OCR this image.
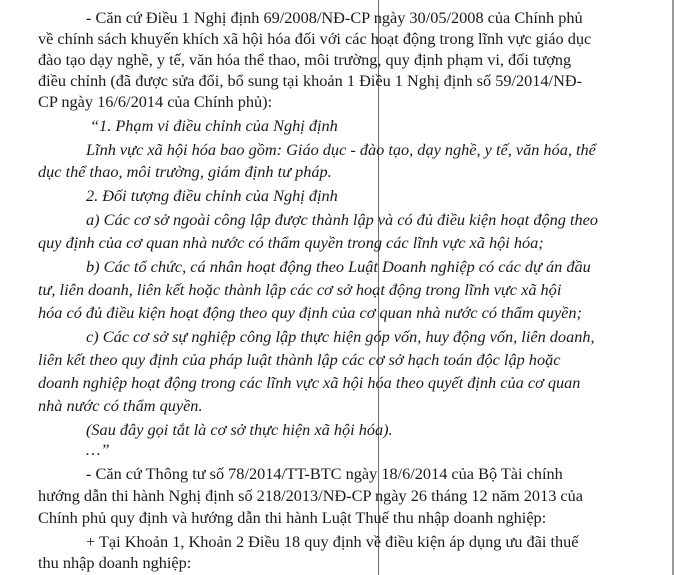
- Căn cứ Điều 1 Nghị định 69/2008/NĐ-CP ngày 30/05/2008 của Chính phủ
về chính sách khuyến khích xã hội hóa đối với các hoạt động trong lĩnh vực giáo dục
đào tạo dạy nghề, y tế, văn hóa thể thao, môi trường, quy định phạm vi, đối tượng
điều chỉnh (đã được sửa đổi, bổ sung tại khoản 1 Điều 1 Nghị định số 59/2014/NĐ-
CP ngày 16/6/2014 của Chính phủ):
“1. Phạm vi điều chỉnh của Nghị định
Lĩnh vực xã hội hóa bao gồm: Giáo dục - đào tạo, dạy nghề, y tế, văn hóa, thể
dục thể thao, môi trường, giám định tư pháp.
2. Đối tượng điều chỉnh của Nghị định
a) Các cơ sở ngoài công lập được thành lập và có đủ điều kiện hoạt động theo
quy định của cơ quan nhà nước có thẩm quyền trong các lĩnh vực xã hội hóa;
b) Các tổ chức, cá nhân hoạt động theo Luật Doanh nghiệp có các dự án đầu
tư, liên doanh, liên kết hoặc thành lập các cơ sở hoạt động trong lĩnh vực xã hội
hóa có đủ điều kiện hoạt động theo quy định của cơ quan nhà nước có thẩm quyền;
c) Các cơ sở sự nghiệp công lập thực hiện góp vốn, huy động vốn, liên doanh,
liên kết theo quy định của pháp luật thành lập các cơ sở hạch toán độc lập hoặc
doanh nghiệp hoạt động trong các lĩnh vực xã hội hóa theo quyết định của cơ quan
nhà nước có thẩm quyền.
(Sau đây gọi tắt là cơ sở thực hiện xã hội hóa).
…”
- Căn cứ Thông tư số 78/2014/TT-BTC ngày 18/6/2014 của Bộ Tài chính
hướng dẫn thi hành Nghị định số 218/2013/NĐ-CP ngày 26 tháng 12 năm 2013 của
Chính phủ quy định và hướng dẫn thi hành Luật Thuế thu nhập doanh nghiệp:
+ Tại Khoản 1, Khoản 2 Điều 18 quy định về điều kiện áp dụng ưu đãi thuế
thu nhập doanh nghiệp:
